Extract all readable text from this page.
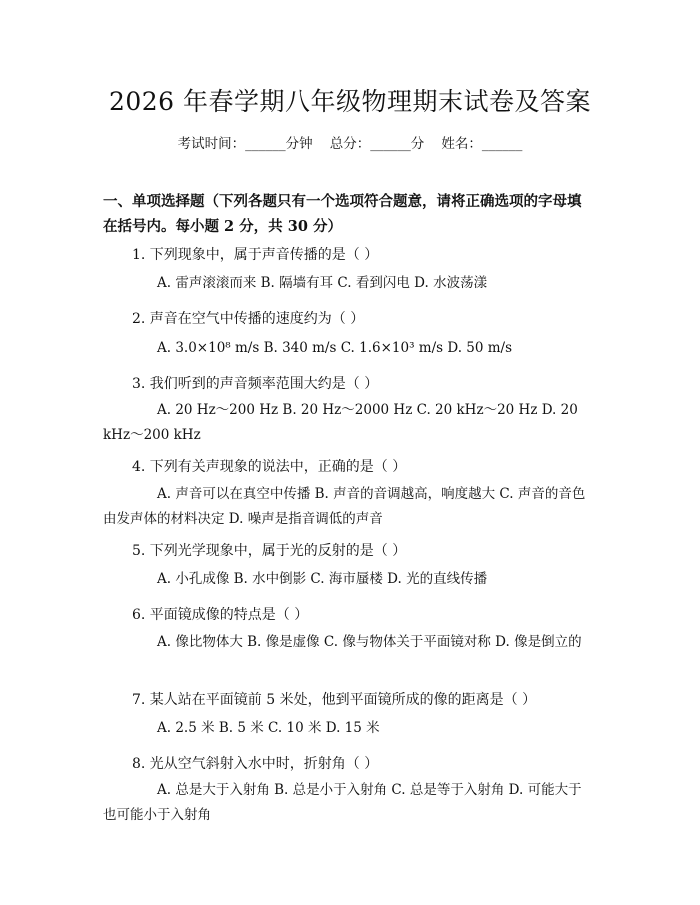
2026 年春学期八年级物理期末试卷及答案
考试时间：______分钟    总分：______分    姓名：______
一、单项选择题（下列各题只有一个选项符合题意，请将正确选项的字母填在括号内。每小题 2 分，共 30 分）
1. 下列现象中，属于声音传播的是（ ）
A. 雷声滚滚而来 B. 隔墙有耳 C. 看到闪电 D. 水波荡漾
2. 声音在空气中传播的速度约为（ ）
A. 3.0×10⁸ m/s B. 340 m/s C. 1.6×10³ m/s D. 50 m/s
3. 我们听到的声音频率范围大约是（ ）
A. 20 Hz～200 Hz B. 20 Hz～2000 Hz C. 20 kHz～20 Hz D. 20 kHz～200 kHz
4. 下列有关声现象的说法中，正确的是（ ）
A. 声音可以在真空中传播 B. 声音的音调越高，响度越大 C. 声音的音色由发声体的材料决定 D. 噪声是指音调低的声音
5. 下列光学现象中，属于光的反射的是（ ）
A. 小孔成像 B. 水中倒影 C. 海市蜃楼 D. 光的直线传播
6. 平面镜成像的特点是（ ）
A. 像比物体大 B. 像是虚像 C. 像与物体关于平面镜对称 D. 像是倒立的
7. 某人站在平面镜前 5 米处，他到平面镜所成的像的距离是（ ）
A. 2.5 米 B. 5 米 C. 10 米 D. 15 米
8. 光从空气斜射入水中时，折射角（ ）
A. 总是大于入射角 B. 总是小于入射角 C. 总是等于入射角 D. 可能大于也可能小于入射角
